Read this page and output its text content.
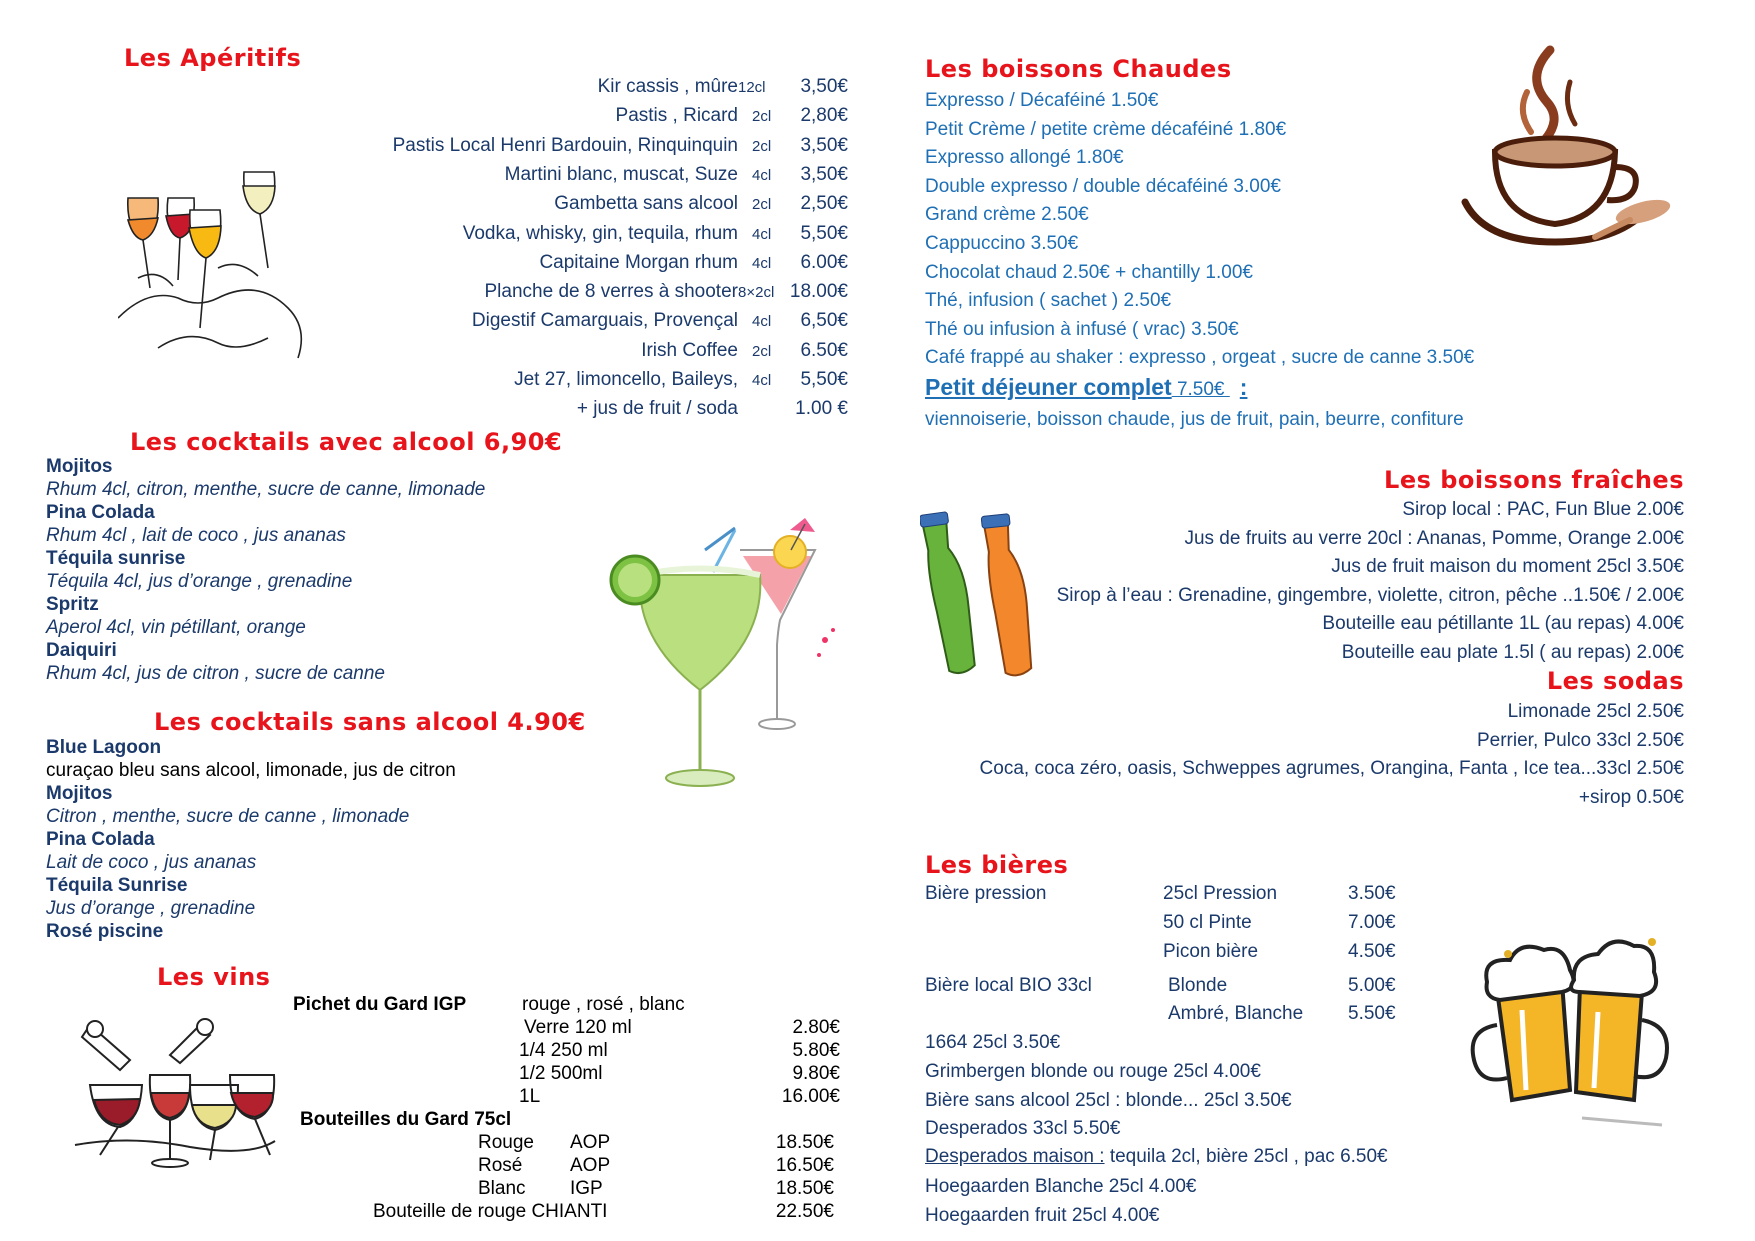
Les Apéritifs
Kir cassis , mûre 12cl 3,50€
Pastis , Ricard 2cl 2,80€
Pastis Local Henri Bardouin, Rinquinquin 2cl 3,50€
Martini blanc, muscat, Suze 4cl 3,50€
Gambetta sans alcool 2cl 2,50€
Vodka, whisky, gin, tequila, rhum 4cl 5,50€
Capitaine Morgan rhum 4cl 6.00€
Planche de 8 verres à shooter 8×2cl 18.00€
Digestif Camarguais, Provençal 4cl 6,50€
Irish Coffee 2cl 6.50€
Jet 27, limoncello, Baileys, 4cl 5,50€
+ jus de fruit / soda	1.00 €
Les cocktails avec alcool 6,90€
Mojitos
Rhum 4cl, citron, menthe, sucre de canne, limonade
Pina Colada
Rhum 4cl , lait de coco , jus ananas
Téquila sunrise
Téquila 4cl, jus d’orange , grenadine
Spritz
Aperol 4cl, vin pétillant, orange
Daiquiri
Rhum 4cl, jus de citron , sucre de canne
Les cocktails sans alcool 4.90€
Blue Lagoon
curaçao bleu sans alcool, limonade, jus de citron
Mojitos
Citron , menthe, sucre de canne , limonade
Pina Colada
Lait de coco , jus ananas
Téquila Sunrise
Jus d’orange , grenadine
Rosé piscine
Les vins
Pichet du Gard IGP	rouge , rosé , blanc
Verre 120 ml	2.80€
1/4 250 ml	5.80€
1/2 500ml	9.80€
1L	16.00€
Bouteilles du Gard 75cl
Rouge AOP	18.50€
Rosé	AOP	16.50€
Blanc IGP	18.50€
Bouteille de rouge CHIANTI	22.50€
Les boissons Chaudes
Expresso / Décaféiné 1.50€
Petit Crème / petite crème décaféiné 1.80€
Expresso allongé 1.80€
Double expresso / double décaféiné 3.00€
Grand crème 2.50€
Cappuccino 3.50€
Chocolat chaud 2.50€ + chantilly 1.00€
Thé, infusion ( sachet ) 2.50€
Thé ou infusion à infusé ( vrac) 3.50€
Café frappé au shaker : expresso , orgeat , sucre de canne 3.50€
Petit déjeuner complet 7.50€ :
viennoiserie, boisson chaude, jus de fruit, pain, beurre, confiture
Les boissons fraîches
Sirop local : PAC, Fun Blue 2.00€
Jus de fruits au verre 20cl : Ananas, Pomme, Orange 2.00€
Jus de fruit maison du moment 25cl 3.50€
Sirop à l’eau : Grenadine, gingembre, violette, citron, pêche ..1.50€ / 2.00€
Bouteille eau pétillante 1L (au repas) 4.00€
Bouteille eau plate 1.5l ( au repas) 2.00€
Les sodas
Limonade 25cl 2.50€
Perrier, Pulco 33cl 2.50€
Coca, coca zéro, oasis, Schweppes agrumes, Orangina, Fanta , Ice tea...33cl 2.50€
+sirop 0.50€
Les bières
Bière pression	25cl Pression	3.50€
50 cl Pinte	7.00€
Picon bière	4.50€
Bière local BIO 33cl	Blonde	5.00€
Ambré, Blanche 5.50€
1664 25cl 3.50€
Grimbergen blonde ou rouge 25cl 4.00€
Bière sans alcool 25cl : blonde... 25cl 3.50€
Desperados 33cl 5.50€
Desperados maison : tequila 2cl, bière 25cl , pac 6.50€
Hoegaarden Blanche 25cl 4.00€
Hoegaarden fruit 25cl 4.00€
